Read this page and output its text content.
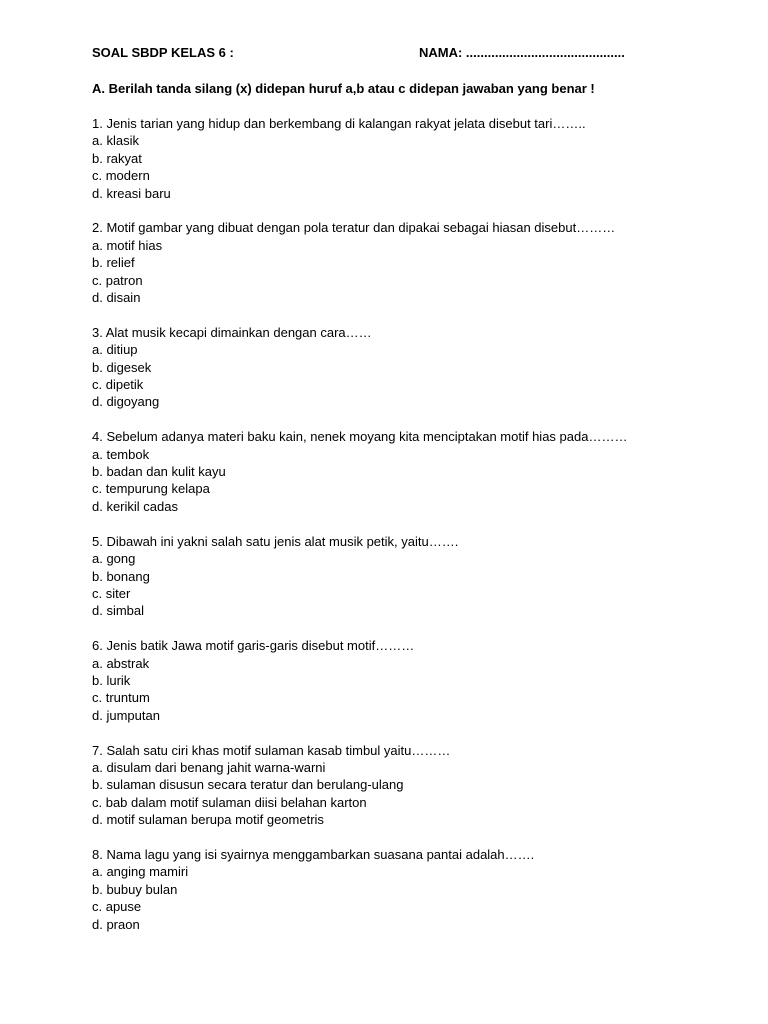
SOAL SBDP KELAS 6 :	NAMA: ............................................
A. Berilah tanda silang (x) didepan huruf a,b atau c didepan jawaban yang benar !
1. Jenis tarian yang hidup dan berkembang di kalangan rakyat jelata disebut tari……..
a. klasik
b. rakyat
c. modern
d. kreasi baru
2. Motif gambar yang dibuat dengan pola teratur dan dipakai sebagai hiasan disebut………
a. motif hias
b. relief
c. patron
d. disain
3. Alat musik kecapi dimainkan dengan cara……
a. ditiup
b. digesek
c. dipetik
d. digoyang
4. Sebelum adanya materi baku kain, nenek moyang kita menciptakan motif hias pada………
a. tembok
b. badan dan kulit kayu
c. tempurung kelapa
d. kerikil cadas
5. Dibawah ini yakni salah satu jenis alat musik petik, yaitu…….
a. gong
b. bonang
c. siter
d. simbal
6. Jenis batik Jawa motif garis-garis disebut motif………
a. abstrak
b. lurik
c. truntum
d. jumputan
7. Salah satu ciri khas motif sulaman kasab timbul yaitu………
a. disulam dari benang jahit warna-warni
b. sulaman disusun secara teratur dan berulang-ulang
c. bab dalam motif sulaman diisi belahan karton
d. motif sulaman berupa motif geometris
8. Nama lagu yang isi syairnya menggambarkan suasana pantai adalah…….
a. anging mamiri
b. bubuy bulan
c. apuse
d. praon
